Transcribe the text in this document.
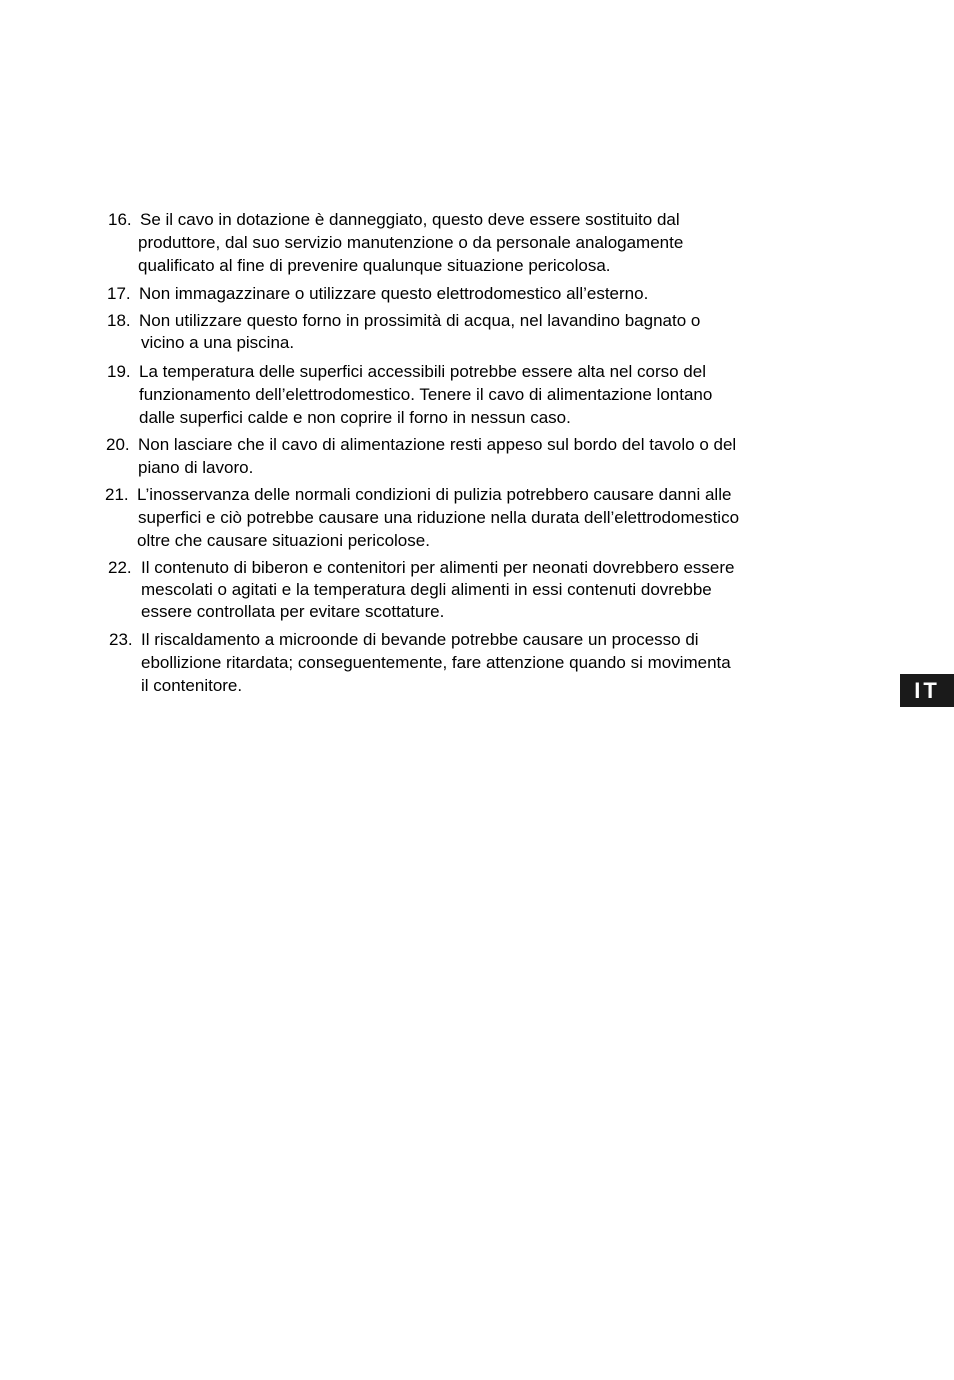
16. Se il cavo in dotazione è danneggiato, questo deve essere sostituito dal
produttore, dal suo servizio manutenzione o da personale analogamente
qualificato al fine di prevenire qualunque situazione pericolosa.
17. Non immagazzinare o utilizzare questo elettrodomestico all’esterno.
18. Non utilizzare questo forno in prossimità di acqua, nel lavandino bagnato o
vicino a una piscina.
19. La temperatura delle superfici accessibili potrebbe essere alta nel corso del
funzionamento dell’elettrodomestico. Tenere il cavo di alimentazione lontano
dalle superfici calde e non coprire il forno in nessun caso.
20. Non lasciare che il cavo di alimentazione resti appeso sul bordo del tavolo o del
piano di lavoro.
21. L’inosservanza delle normali condizioni di pulizia potrebbero causare danni alle
superfici e ciò potrebbe causare una riduzione nella durata dell’elettrodomestico
oltre che causare situazioni pericolose.
22. Il contenuto di biberon e contenitori per alimenti per neonati dovrebbero essere
mescolati o agitati e la temperatura degli alimenti in essi contenuti dovrebbe
essere controllata per evitare scottature.
23. Il riscaldamento a microonde di bevande potrebbe causare un processo di
ebollizione ritardata; conseguentemente, fare attenzione quando si movimenta
il contenitore.	IT
